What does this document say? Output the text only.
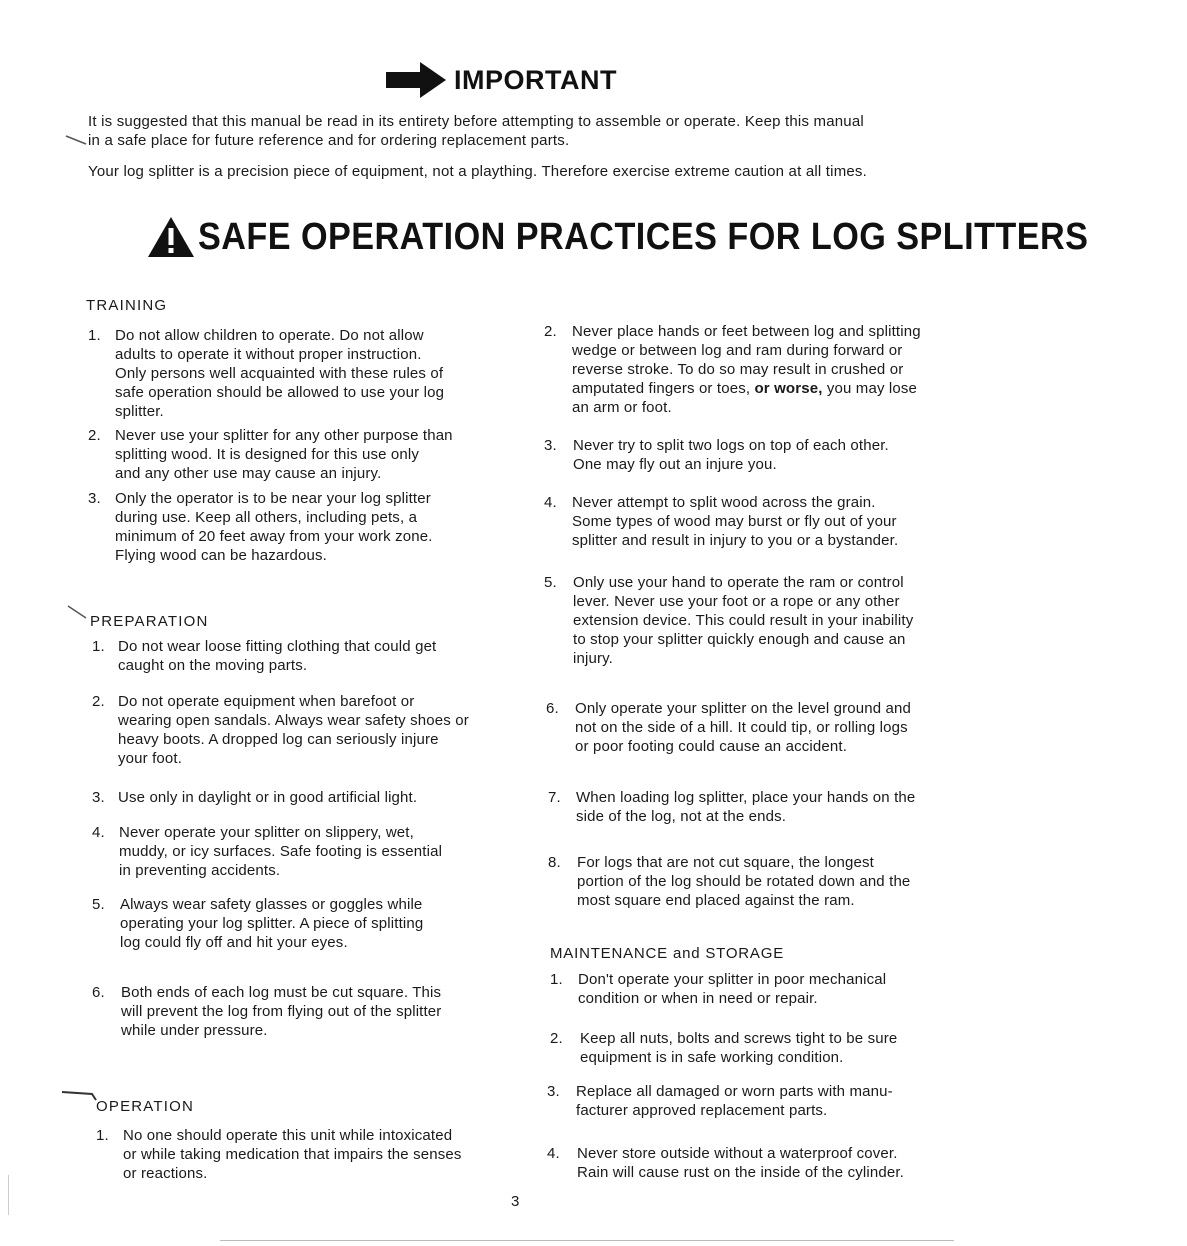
IMPORTANT
It is suggested that this manual be read in its entirety before attempting to assemble or operate. Keep this manual
in a safe place for future reference and for ordering replacement parts.
Your log splitter is a precision piece of equipment, not a plaything. Therefore exercise extreme caution at all times.
SAFE OPERATION PRACTICES FOR LOG SPLITTERS
TRAINING
PREPARATION
OPERATION
MAINTENANCE and STORAGE
1. Do not allow children to operate. Do not allow
adults to operate it without proper instruction.
Only persons well acquainted with these rules of
safe operation should be allowed to use your log
splitter.
2. Never use your splitter for any other purpose than
splitting wood. It is designed for this use only
and any other use may cause an injury.
3. Only the operator is to be near your log splitter
during use. Keep all others, including pets, a
minimum of 20 feet away from your work zone.
Flying wood can be hazardous.
1. Do not wear loose fitting clothing that could get
caught on the moving parts.
2. Do not operate equipment when barefoot or
wearing open sandals. Always wear safety shoes or
heavy boots. A dropped log can seriously injure
your foot.
3. Use only in daylight or in good artificial light.
4. Never operate your splitter on slippery, wet,
muddy, or icy surfaces. Safe footing is essential
in preventing accidents.
5. Always wear safety glasses or goggles while
operating your log splitter. A piece of splitting
log could fly off and hit your eyes.
6. Both ends of each log must be cut square. This
will prevent the log from flying out of the splitter
while under pressure.
1. No one should operate this unit while intoxicated
or while taking medication that impairs the senses
or reactions.
2. Never place hands or feet between log and splitting
wedge or between log and ram during forward or
reverse stroke. To do so may result in crushed or
amputated fingers or toes, or worse, you may lose
an arm or foot.
3. Never try to split two logs on top of each other.
One may fly out an injure you.
4. Never attempt to split wood across the grain.
Some types of wood may burst or fly out of your
splitter and result in injury to you or a bystander.
5. Only use your hand to operate the ram or control
lever. Never use your foot or a rope or any other
extension device. This could result in your inability
to stop your splitter quickly enough and cause an
injury.
6. Only operate your splitter on the level ground and
not on the side of a hill. It could tip, or rolling logs
or poor footing could cause an accident.
7. When loading log splitter, place your hands on the
side of the log, not at the ends.
8. For logs that are not cut square, the longest
portion of the log should be rotated down and the
most square end placed against the ram.
1. Don't operate your splitter in poor mechanical
condition or when in need or repair.
2. Keep all nuts, bolts and screws tight to be sure
equipment is in safe working condition.
3. Replace all damaged or worn parts with manu-
facturer approved replacement parts.
4. Never store outside without a waterproof cover.
Rain will cause rust on the inside of the cylinder.
3
